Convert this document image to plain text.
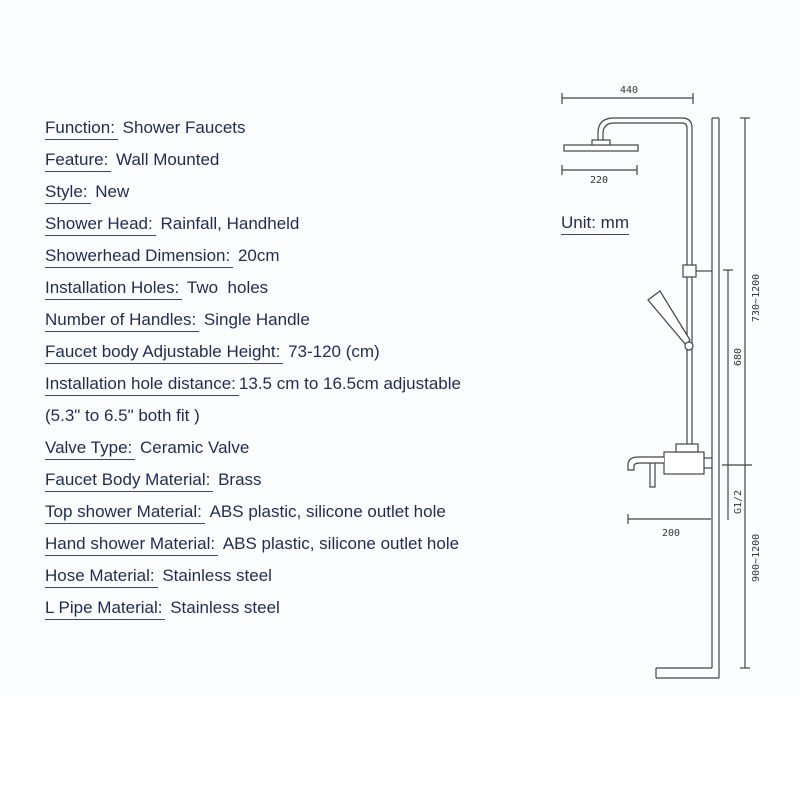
Function: Shower Faucets
Feature: Wall Mounted
Style: New
Shower Head: Rainfall, Handheld
Showerhead Dimension: 20cm
Installation Holes: Two  holes
Number of Handles: Single Handle
Faucet body Adjustable Height: 73-120 (cm)
Installation hole distance: 13.5 cm to 16.5cm adjustable
(5.3" to 6.5" both fit )
Valve Type: Ceramic Valve
Faucet Body Material: Brass
Top shower Material: ABS plastic, silicone outlet hole
Hand shower Material: ABS plastic, silicone outlet hole
Hose Material: Stainless steel
L Pipe Material: Stainless steel
Unit: mm
440
220
200
730~1200
680
G1/2
900~1200
